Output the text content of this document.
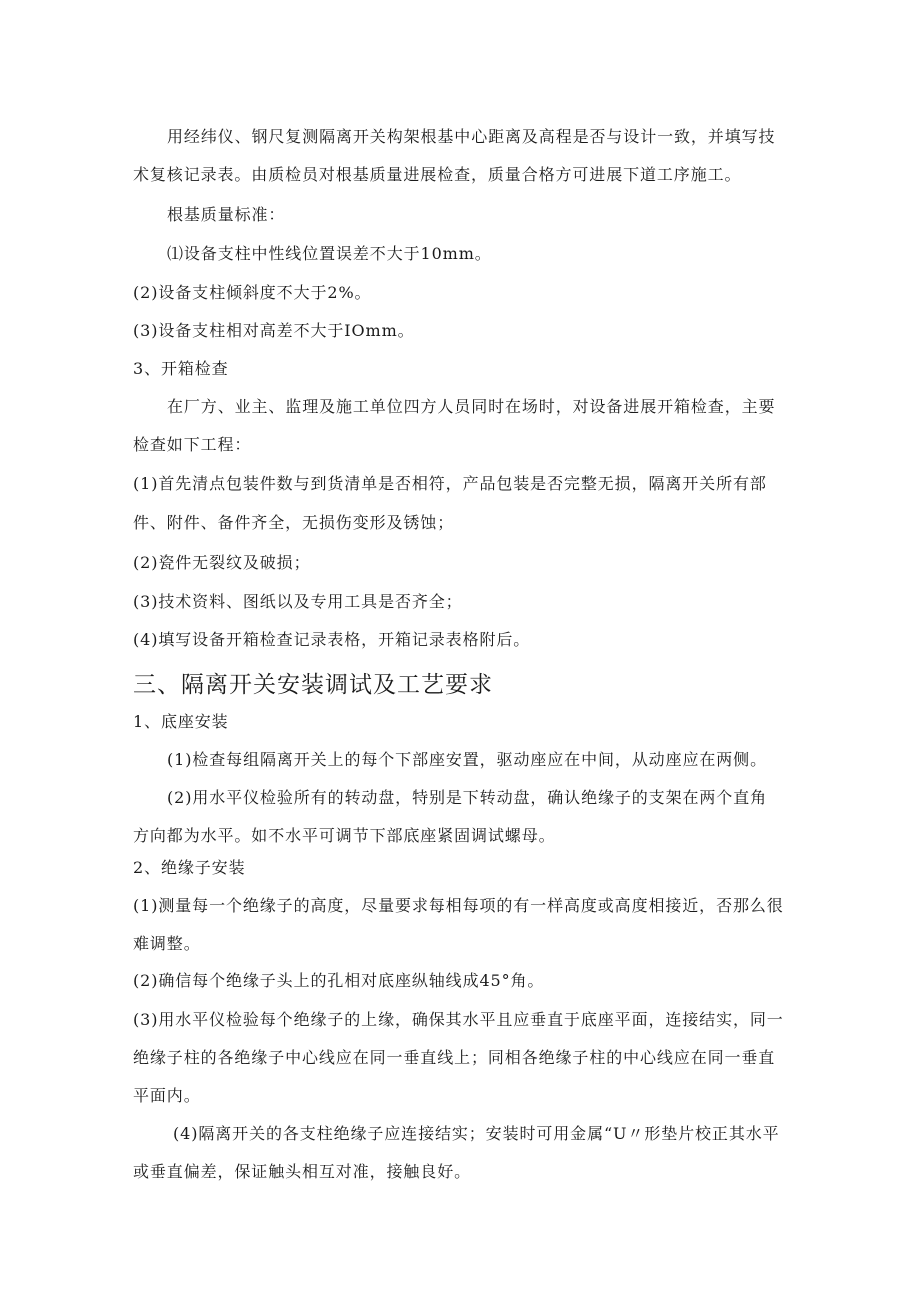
用经纬仪、钢尺复测隔离开关构架根基中心距离及高程是否与设计一致，并填写技
术复核记录表。由质检员对根基质量进展检查，质量合格方可进展下道工序施工。
根基质量标准：
⑴设备支柱中性线位置误差不大于10mm。
(2)设备支柱倾斜度不大于2%。
(3)设备支柱相对高差不大于IOmm。
3、开箱检查
在厂方、业主、监理及施工单位四方人员同时在场时，对设备进展开箱检查，主要
检查如下工程：
(1)首先清点包装件数与到货清单是否相符，产品包装是否完整无损，隔离开关所有部
件、附件、备件齐全，无损伤变形及锈蚀；
(2)瓷件无裂纹及破损；
(3)技术资料、图纸以及专用工具是否齐全；
(4)填写设备开箱检查记录表格，开箱记录表格附后。
三、隔离开关安装调试及工艺要求
1、底座安装
(1)检查每组隔离开关上的每个下部座安置，驱动座应在中间，从动座应在两侧。
(2)用水平仪检验所有的转动盘，特别是下转动盘，确认绝缘子的支架在两个直角
方向都为水平。如不水平可调节下部底座紧固调试螺母。
2、绝缘子安装
(1)测量每一个绝缘子的高度，尽量要求每相每项的有一样高度或高度相接近，否那么很
难调整。
(2)确信每个绝缘子头上的孔相对底座纵轴线成45°角。
(3)用水平仪检验每个绝缘子的上缘，确保其水平且应垂直于底座平面，连接结实，同一
绝缘子柱的各绝缘子中心线应在同一垂直线上；同相各绝缘子柱的中心线应在同一垂直
平面内。
(4)隔离开关的各支柱绝缘子应连接结实；安装时可用金属“U〃形垫片校正其水平
或垂直偏差，保证触头相互对准，接触良好。
